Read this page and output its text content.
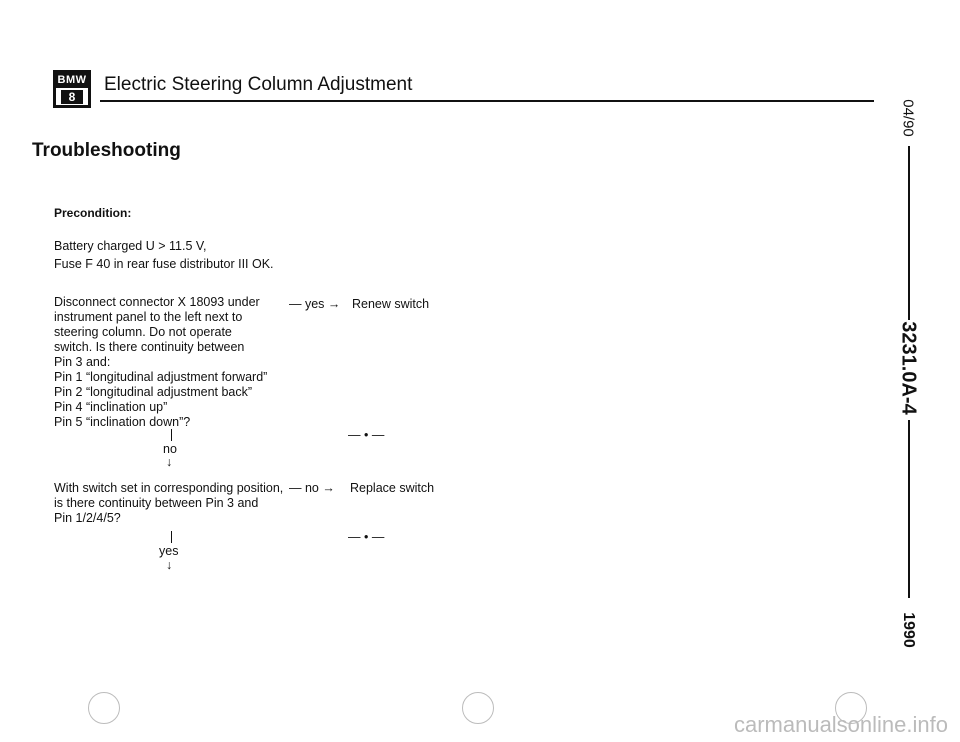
BMW
8
Electric Steering Column Adjustment
04/90
3231.0A-4
1990
Troubleshooting
Precondition:
Battery charged U > 11.5 V,
Fuse F 40 in rear fuse distributor III OK.
Disconnect connector X 18093 under
instrument panel to the left next to
steering column. Do not operate
switch. Is there continuity between
Pin 3 and:
Pin 1 “longitudinal adjustment forward”
Pin 2 “longitudinal adjustment back”
Pin 4 “inclination up”
Pin 5 “inclination down”?
— yes → Renew switch
— • —
no
↓
With switch set in corresponding position,
is there continuity between Pin 3 and
Pin 1/2/4/5?
— no → Replace switch
— • —
yes
↓
carmanualsonline.info
